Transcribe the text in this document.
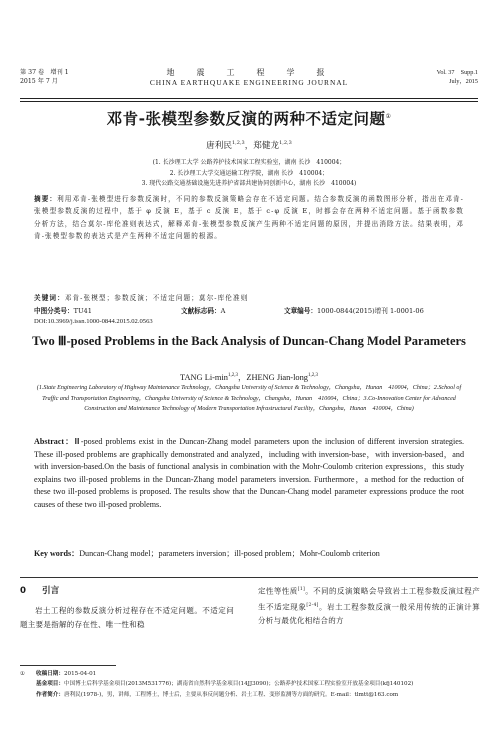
第 37 卷　增刊 1
2015 年 7 月
地　震　工　程　学　报
CHINA EARTHQUAKE ENGINEERING JOURNAL
Vol. 37　Supp.1
July，2015
邓肯-张模型参数反演的两种不适定问题①
唐利民$^{1,2,3}$，郑健龙$^{1,2,3}$
(1. 长沙理工大学 公路养护技术国家工程实验室，湖南 长沙　410004；
2. 长沙理工大学交通运输工程学院，湖南 长沙　410004；
3. 现代公路交通基础设施先进养护省部共建协同创新中心，湖南 长沙　410004)
摘要：利用邓肯-张模型进行参数反演时，不同的参数反演策略会存在不适定问题。结合参数反演的函数图形分析，指出在邓肯-张模型参数反演的过程中，基于 φ 反演 E，基于 c 反演 E，基于 c-φ 反演 E，时都会存在两种不适定问题。基于函数参数分析方法，结合莫尔-库伦准则表达式，解释邓肯-张模型参数反演产生两种不适定问题的原因，并提出消除方法。结果表明，邓肯-张模型参数的表达式是产生两种不适定问题的根源。
关键词：邓肯-张模型；参数反演；不适定问题；莫尔-库伦准则
中图分类号：TU41	文献标志码：A	文章编号：1000-0844(2015)增刊 1-0001-06
DOI:10.3969/j.issn.1000-0844.2015.02.0563
Two Ⅲ-posed Problems in the Back Analysis of Duncan-Chang Model Parameters
TANG $Li-\min^{1,2,3}$，ZHENG Jian-long$^{1,2,3}$
(1.State Engineering Laboratory of Highway Maintenance Technology，Changsha University of Science & Technology，Changsha，Hunan　410004，China；2.School of Traffic and Transportation Engineering，Changsha University of Science & Technology，Changsha，Hunan　410004，China；3.Co-Innovation Center for Advanced Construction and Maintenance Technology of Modern Transportation Infrastructural Facility，Changsha，Hunan　410004，China)
Abstract：Ⅲ-posed problems exist in the Duncan-Zhang model parameters upon the inclusion of different inversion strategies. These ill-posed problems are graphically demonstrated and analyzed，including with inversion-base，with inversion-based，and with inversion-based.On the basis of functional analysis in combination with the Mohr-Coulomb criterion expressions，this study explains two ill-posed problems in the Duncan-Zhang model parameters inversion. Furthermore，a method for the reduction of these two ill-posed problems is proposed. The results show that the Duncan-Chang model parameter expressions produce the root causes of these two ill-posed problems.
Key words：Duncan-Chang model；parameters inversion；ill-posed problem；Mohr-Coulomb criterion
0 引言
岩土工程的参数反演分析过程存在不适定问题。不适定问题主要是指解的存在性、唯一性和稳
定性等性质[1]。不同的反演策略会导致岩土工程参数反演过程产生不适定现象[2-4]。岩土工程参数反演一般采用传统的正演计算分析与最优化相结合的方
① 收稿日期：2015-04-01
基金项目：中国博士后科学基金项目(2013M531776)；湖南省自然科学基金项目(14JJ3090)；公路养护技术国家工程实验室开放基金项目(kfj140102)
作者简介：唐利民(1978-)，男，讲师，工程博士，博士后，主要从事反问题分析、岩土工程、变形监测等方面的研究。E-mail：tlmtt@163.com
